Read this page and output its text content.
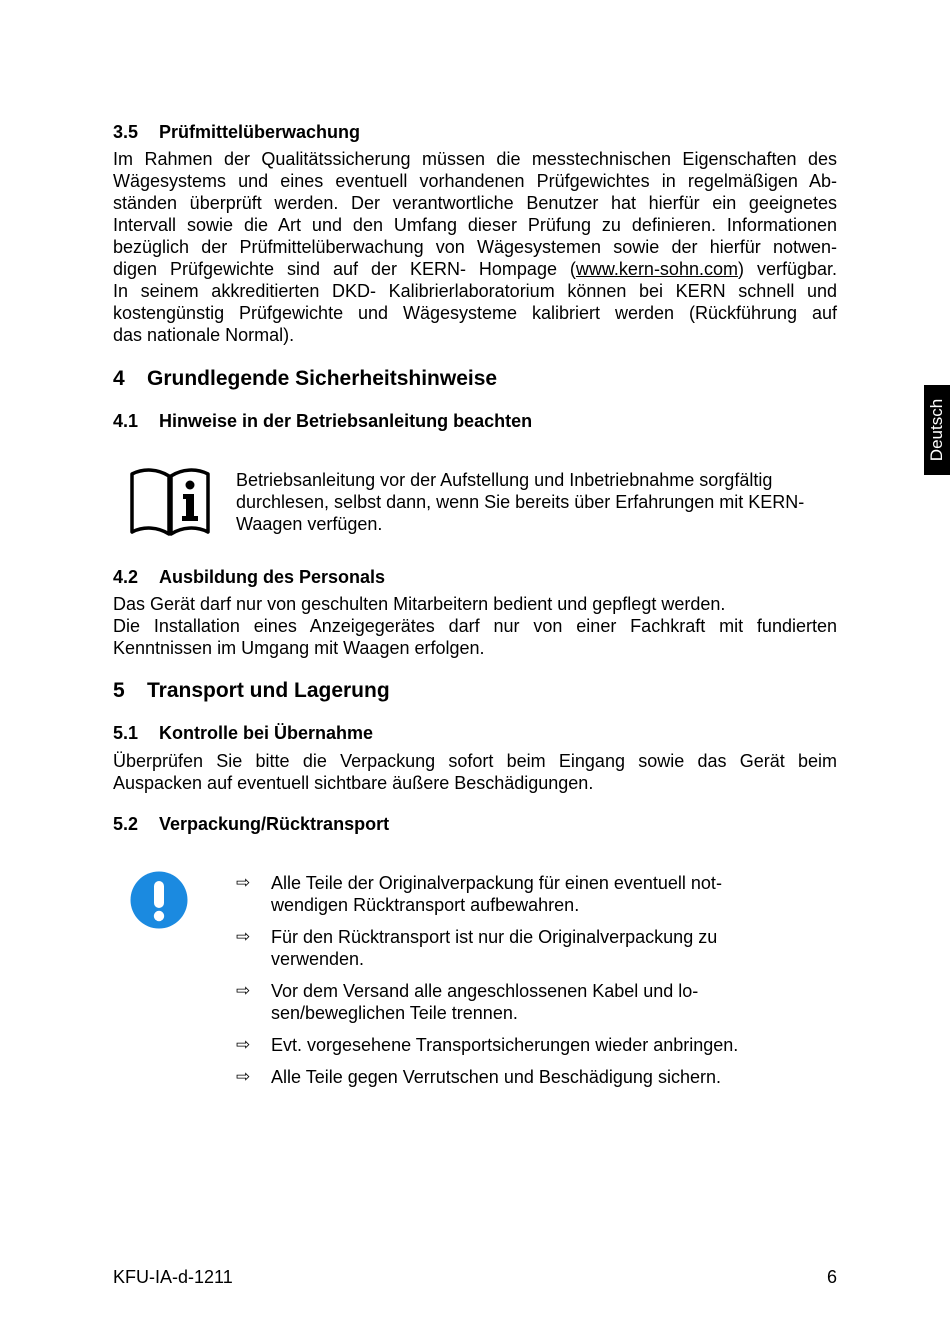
Deutsch
3.5 Prüfmittelüberwachung
Im Rahmen der Qualitätssicherung müssen die messtechnischen Eigenschaften des
Wägesystems und eines eventuell vorhandenen Prüfgewichtes in regelmäßigen Ab-
ständen überprüft werden. Der verantwortliche Benutzer hat hierfür ein geeignetes
Intervall sowie die Art und den Umfang dieser Prüfung zu definieren. Informationen
bezüglich der Prüfmittelüberwachung von Wägesystemen sowie der hierfür notwen-
digen Prüfgewichte sind auf der KERN- Hompage (www.kern-sohn.com) verfügbar.
In seinem akkreditierten DKD- Kalibrierlaboratorium können bei KERN schnell und
kostengünstig Prüfgewichte und Wägesysteme kalibriert werden (Rückführung auf
das nationale Normal).
4 Grundlegende Sicherheitshinweise
4.1 Hinweise in der Betriebsanleitung beachten
Betriebsanleitung vor der Aufstellung und Inbetriebnahme sorgfältig
durchlesen, selbst dann, wenn Sie bereits über Erfahrungen mit KERN-
Waagen verfügen.
4.2 Ausbildung des Personals
Das Gerät darf nur von geschulten Mitarbeitern bedient und gepflegt werden.
Die Installation eines Anzeigegerätes darf nur von einer Fachkraft mit fundierten
Kenntnissen im Umgang mit Waagen erfolgen.
5 Transport und Lagerung
5.1 Kontrolle bei Übernahme
Überprüfen Sie bitte die Verpackung sofort beim Eingang sowie das Gerät beim
Auspacken auf eventuell sichtbare äußere Beschädigungen.
5.2 Verpackung/Rücktransport
⇨ Alle Teile der Originalverpackung für einen eventuell not-
wendigen Rücktransport aufbewahren.
⇨ Für den Rücktransport ist nur die Originalverpackung zu
verwenden.
⇨ Vor dem Versand alle angeschlossenen Kabel und lo-
sen/beweglichen Teile trennen.
⇨ Evt. vorgesehene Transportsicherungen wieder anbringen.
⇨ Alle Teile gegen Verrutschen und Beschädigung sichern.
KFU-IA-d-1211	6
